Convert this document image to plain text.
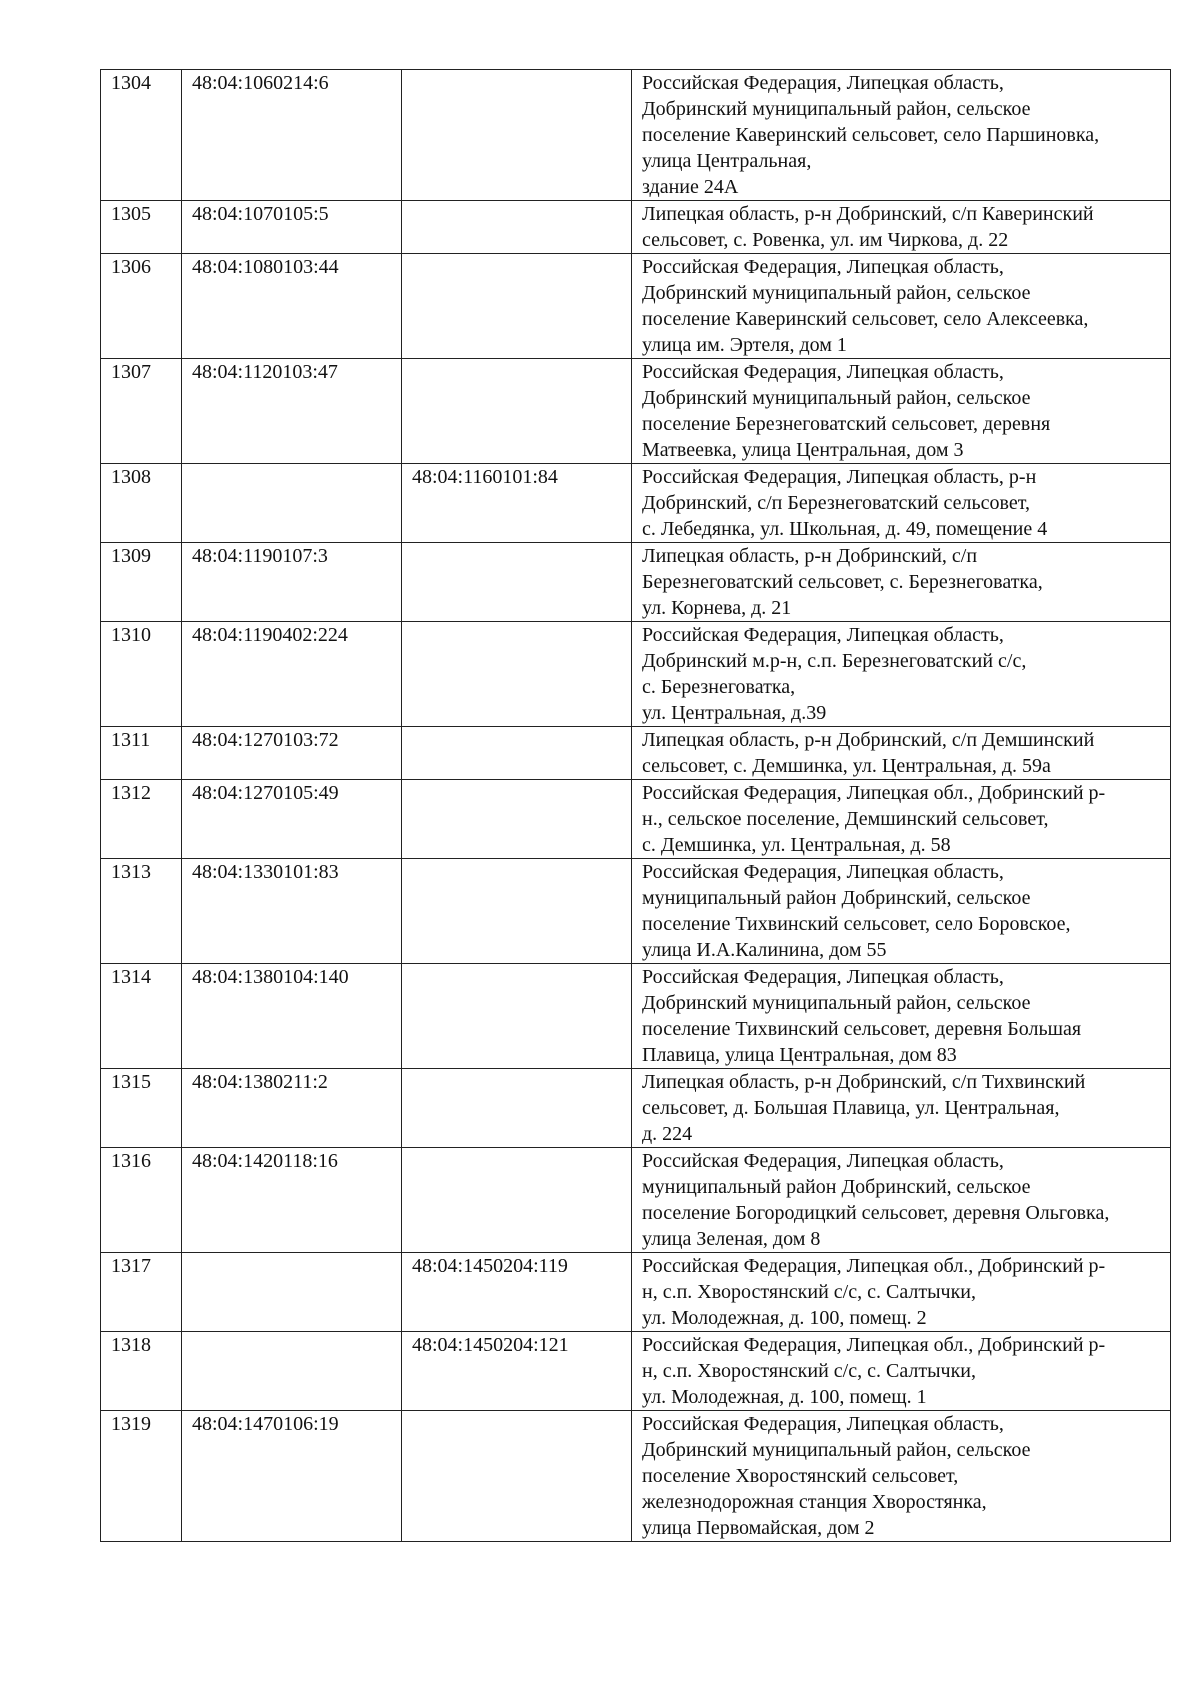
1304	48:04:1060214:6		Российская Федерация, Липецкая область,
Добринский муниципальный район, сельское
поселение Каверинский сельсовет, село Паршиновка,
улица Центральная,
здание 24А

1305	48:04:1070105:5		Липецкая область, р-н Добринский, с/п Каверинский
сельсовет, с. Ровенка, ул. им Чиркова, д. 22

1306	48:04:1080103:44		Российская Федерация, Липецкая область,
Добринский муниципальный район, сельское
поселение Каверинский сельсовет, село Алексеевка,
улица им. Эртеля, дом 1

1307	48:04:1120103:47		Российская Федерация, Липецкая область,
Добринский муниципальный район, сельское
поселение Березнеговатский сельсовет, деревня
Матвеевка, улица Центральная, дом 3

1308		48:04:1160101:84	Российская Федерация, Липецкая область, р-н
Добринский, с/п Березнеговатский сельсовет,
с. Лебедянка, ул. Школьная, д. 49, помещение 4

1309	48:04:1190107:3		Липецкая область, р-н Добринский, с/п
Березнеговатский сельсовет, с. Березнеговатка,
ул. Корнева, д. 21

1310	48:04:1190402:224		Российская Федерация, Липецкая область,
Добринский м.р-н, с.п. Березнеговатский с/с,
с. Березнеговатка,
ул. Центральная, д.39

1311	48:04:1270103:72		Липецкая область, р-н Добринский, с/п Демшинский
сельсовет, с. Демшинка, ул. Центральная, д. 59а

1312	48:04:1270105:49		Российская Федерация, Липецкая обл., Добринский р-
н., сельское поселение, Демшинский сельсовет,
с. Демшинка, ул. Центральная, д. 58

1313	48:04:1330101:83		Российская Федерация, Липецкая область,
муниципальный район Добринский, сельское
поселение Тихвинский сельсовет, село Боровское,
улица И.А.Калинина, дом 55

1314	48:04:1380104:140		Российская Федерация, Липецкая область,
Добринский муниципальный район, сельское
поселение Тихвинский сельсовет, деревня Большая
Плавица, улица Центральная, дом 83

1315	48:04:1380211:2		Липецкая область, р-н Добринский, с/п Тихвинский
сельсовет, д. Большая Плавица, ул. Центральная,
д. 224

1316	48:04:1420118:16		Российская Федерация, Липецкая область,
муниципальный район Добринский, сельское
поселение Богородицкий сельсовет, деревня Ольговка,
улица Зеленая, дом 8

1317		48:04:1450204:119	Российская Федерация, Липецкая обл., Добринский р-
н, с.п. Хворостянский с/с, с. Салтычки,
ул. Молодежная, д. 100, помещ. 2

1318		48:04:1450204:121	Российская Федерация, Липецкая обл., Добринский р-
н, с.п. Хворостянский с/с, с. Салтычки,
ул. Молодежная, д. 100, помещ. 1

1319	48:04:1470106:19		Российская Федерация, Липецкая область,
Добринский муниципальный район, сельское
поселение Хворостянский сельсовет,
железнодорожная станция Хворостянка,
улица Первомайская, дом 2
